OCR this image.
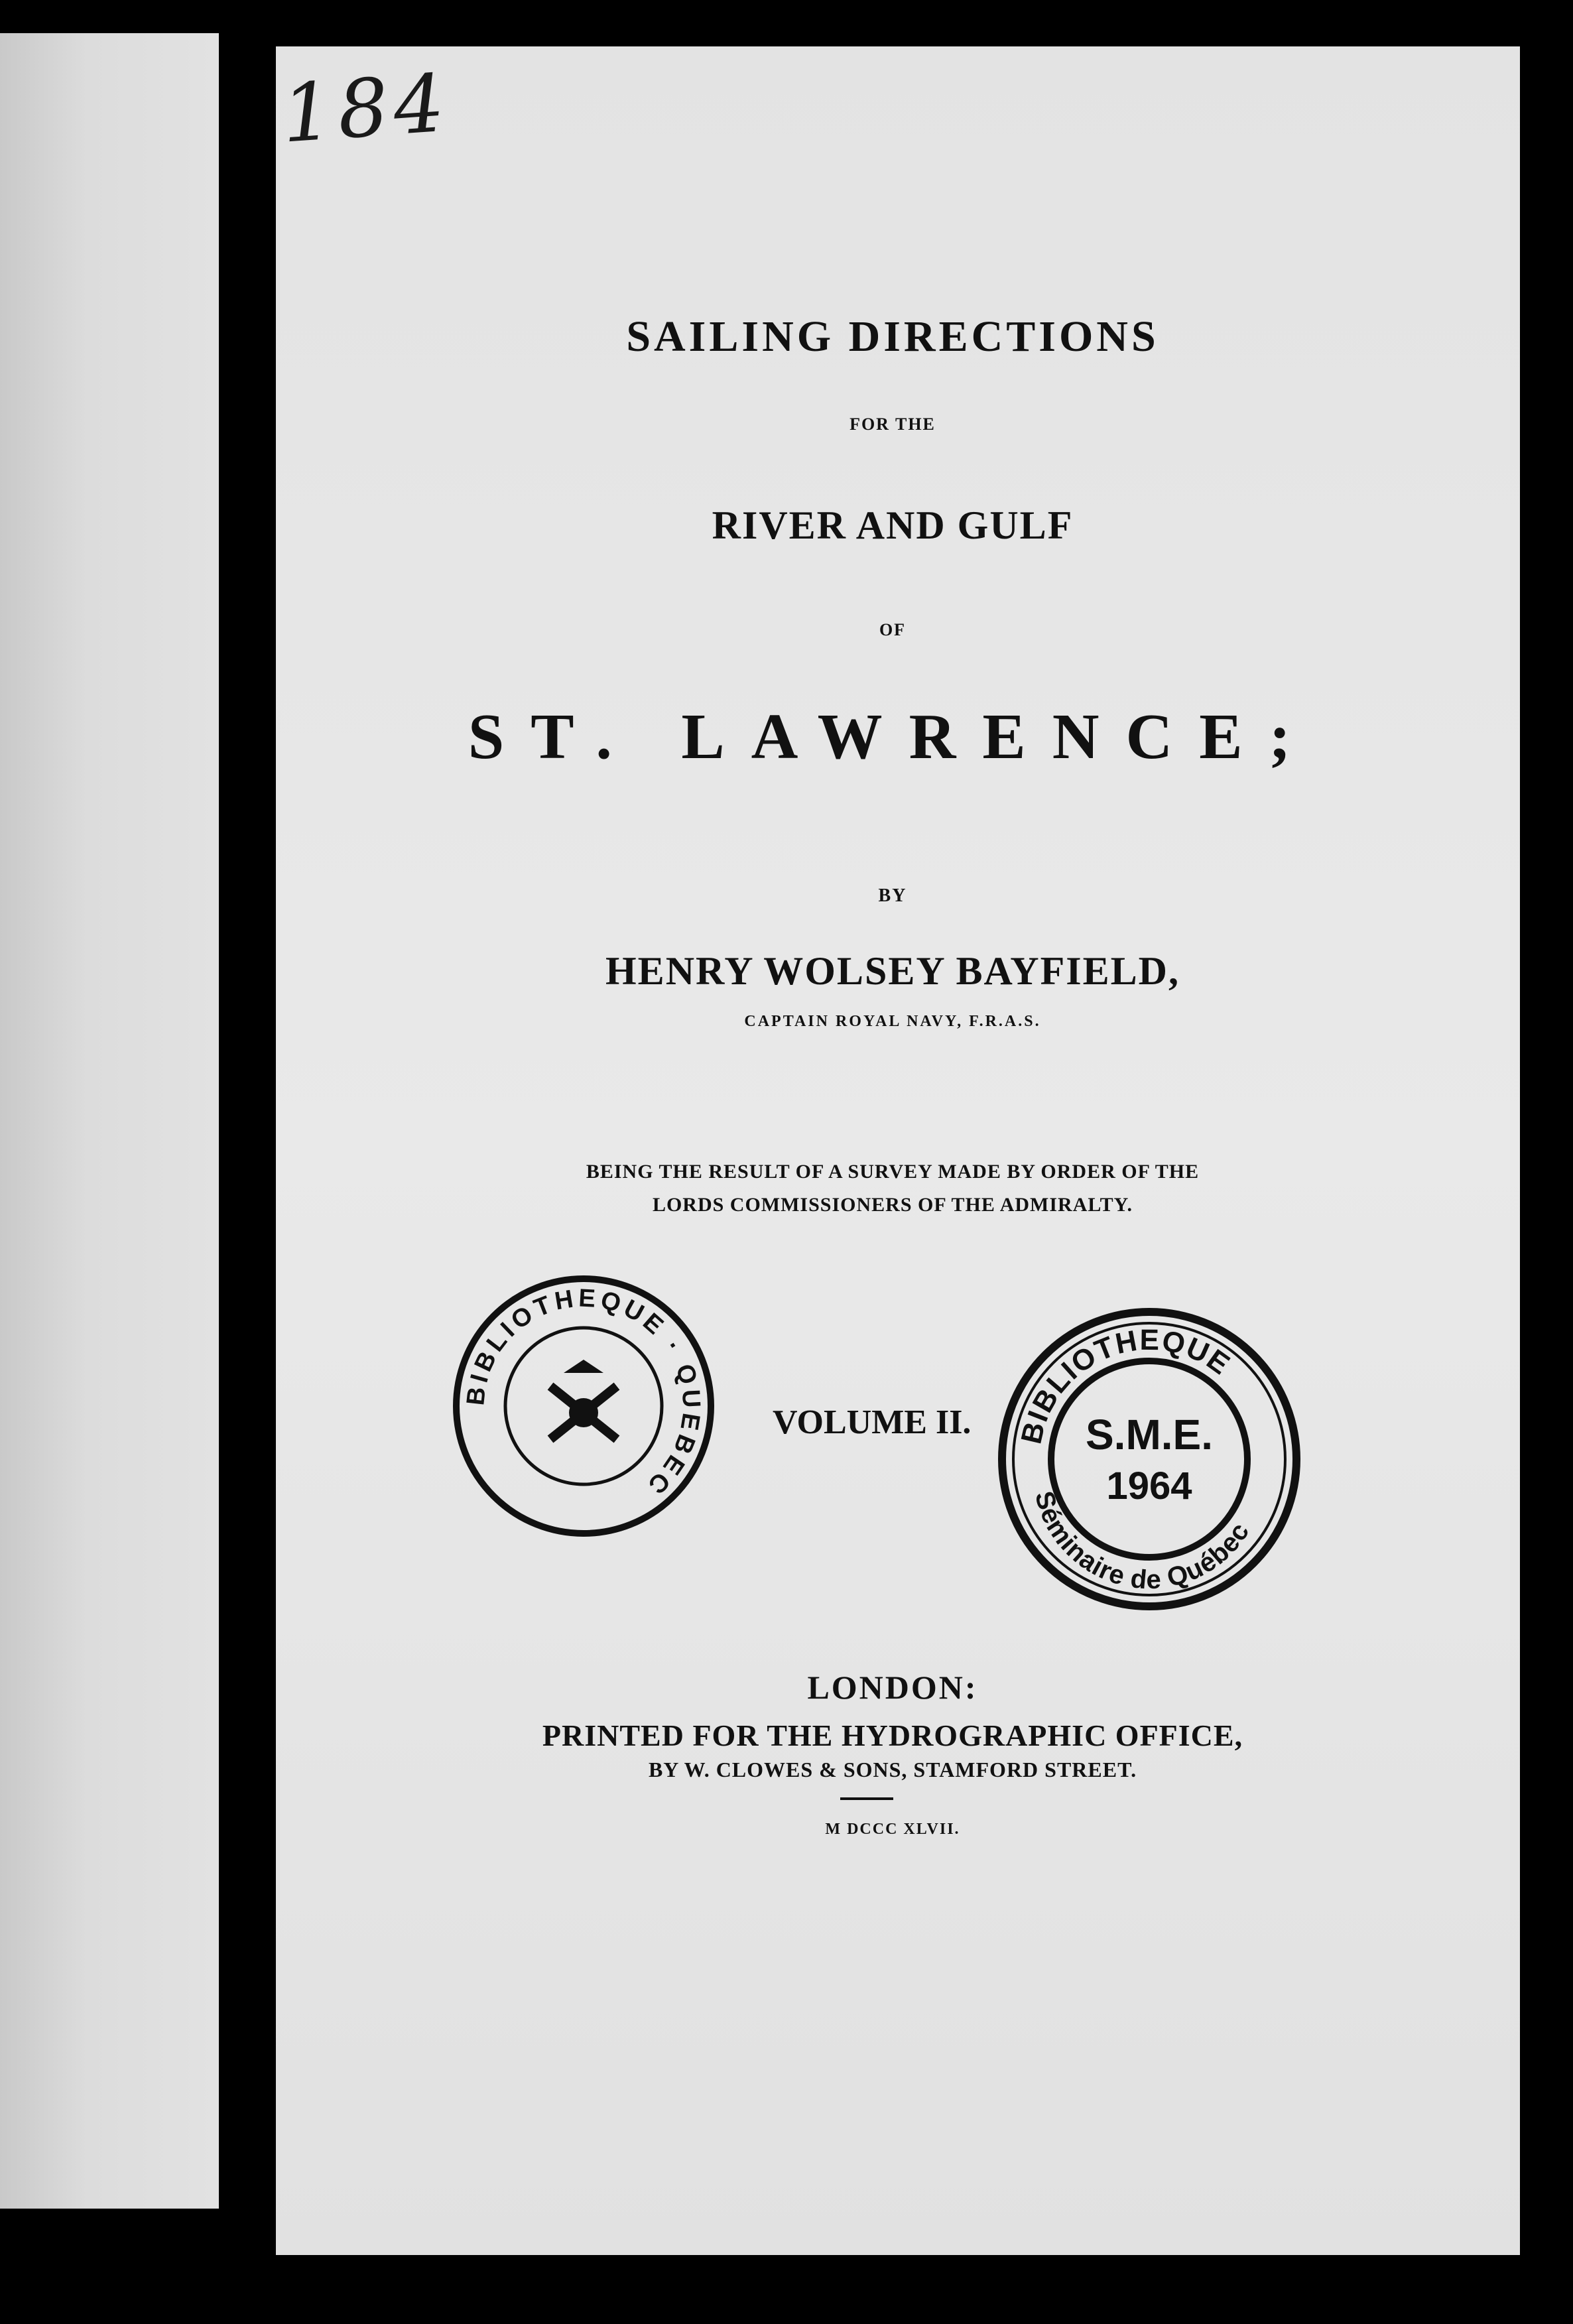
184
SAILING DIRECTIONS
FOR THE
RIVER AND GULF
OF
ST. LAWRENCE;
BY
HENRY WOLSEY BAYFIELD,
CAPTAIN ROYAL NAVY, F.R.A.S.
BEING THE RESULT OF A SURVEY MADE BY ORDER OF THE
LORDS COMMISSIONERS OF THE ADMIRALTY.
VOLUME II.
BIBLIOTHEQUE · QUEBEC
BIBLIOTHEQUE
Séminaire de Québec
S.M.E.
1964
LONDON:
PRINTED FOR THE HYDROGRAPHIC OFFICE,
BY W. CLOWES & SONS, STAMFORD STREET.
M DCCC XLVII.
